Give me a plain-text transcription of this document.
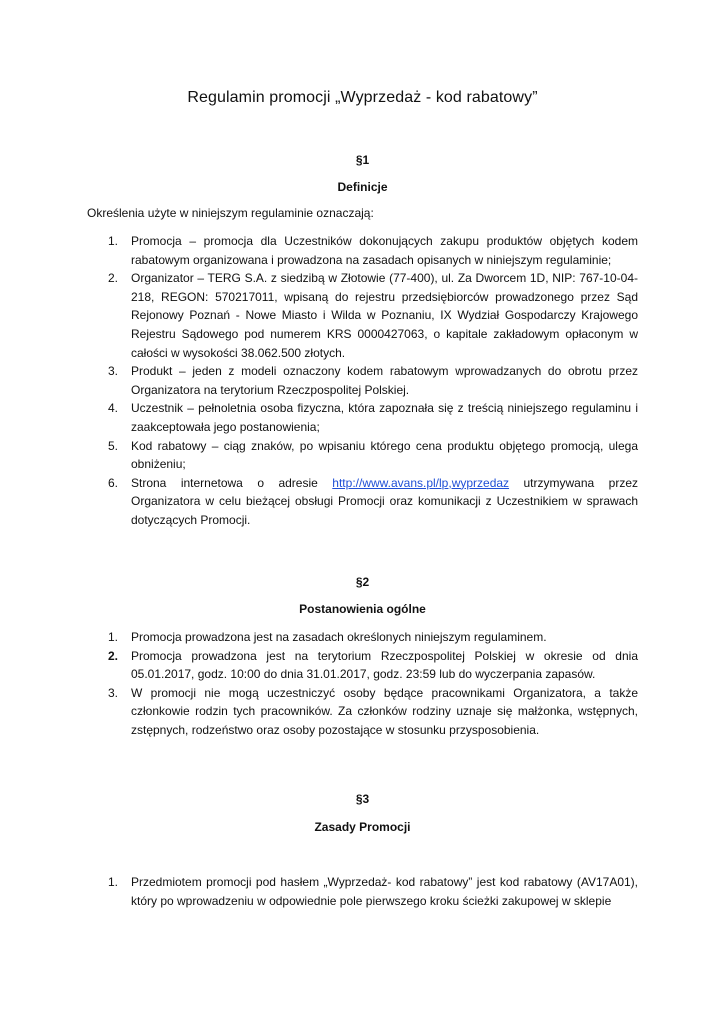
Regulamin promocji „Wyprzedaż - kod rabatowy”
§1
Definicje
Określenia użyte w niniejszym regulaminie oznaczają:
1. Promocja – promocja dla Uczestników dokonujących zakupu produktów objętych kodem rabatowym organizowana i prowadzona na zasadach opisanych w niniejszym regulaminie;
2. Organizator – TERG S.A. z siedzibą w Złotowie (77-400), ul. Za Dworcem 1D, NIP: 767-10-04-218, REGON: 570217011, wpisaną do rejestru przedsiębiorców prowadzonego przez Sąd Rejonowy Poznań - Nowe Miasto i Wilda w Poznaniu, IX Wydział Gospodarczy Krajowego Rejestru Sądowego pod numerem KRS 0000427063, o kapitale zakładowym opłaconym w całości w wysokości 38.062.500 złotych.
3. Produkt – jeden z modeli oznaczony kodem rabatowym wprowadzanych do obrotu przez Organizatora na terytorium Rzeczpospolitej Polskiej.
4. Uczestnik – pełnoletnia osoba fizyczna, która zapoznała się z treścią niniejszego regulaminu i zaakceptowała jego postanowienia;
5. Kod rabatowy – ciąg znaków, po wpisaniu którego cena produktu objętego promocją, ulega obniżeniu;
6. Strona internetowa o adresie http://www.avans.pl/lp,wyprzedaz utrzymywana przez Organizatora w celu bieżącej obsługi Promocji oraz komunikacji z Uczestnikiem w sprawach dotyczących Promocji.
§2
Postanowienia ogólne
1. Promocja prowadzona jest na zasadach określonych niniejszym regulaminem.
2. Promocja prowadzona jest na terytorium Rzeczpospolitej Polskiej w okresie od dnia 05.01.2017, godz. 10:00 do dnia 31.01.2017, godz. 23:59 lub do wyczerpania zapasów.
3. W promocji nie mogą uczestniczyć osoby będące pracownikami Organizatora, a także członkowie rodzin tych pracowników. Za członków rodziny uznaje się małżonka, wstępnych, zstępnych, rodzeństwo oraz osoby pozostające w stosunku przysposobienia.
§3
Zasady Promocji
1. Przedmiotem promocji pod hasłem „Wyprzedaż- kod rabatowy” jest kod rabatowy (AV17A01), który po wprowadzeniu w odpowiednie pole pierwszego kroku ścieżki zakupowej w sklepie
